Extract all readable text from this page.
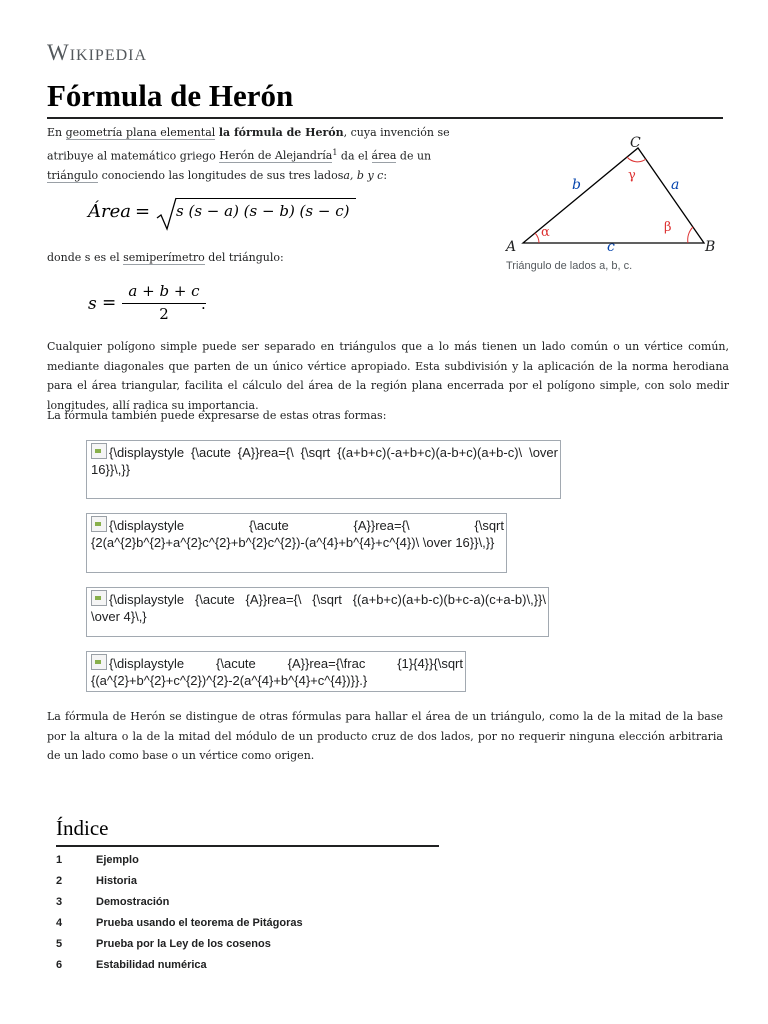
Wikipedia
Fórmula de Herón
En geometría plana elemental la fórmula de Herón, cuya invención se atribuye al matemático griego Herón de Alejandría$^1$ da el área de un triángulo conociendo las longitudes de sus tres ladosa, b y c:
Área = s (s − a) (s − b) (s − c)
donde s es el semiperímetro del triángulo:
s =
a + b + c
2
.
A	B
C
a
b
c
α	β
γ
Triángulo de lados a, b, c.
Cualquier polígono simple puede ser separado en triángulos que a lo más tienen un lado común o un vértice común, mediante diagonales que parten de un único vértice apropiado. Esta subdivisión y la aplicación de la norma herodiana para el área triangular, facilita el cálculo del área de la región plana encerrada por el polígono simple, con solo medir longitudes, allí radica su importancia.
La fórmula también puede expresarse de estas otras formas:
{\displaystyle {\acute {A}}rea={\ {\sqrt {(a+b+c)(-a+b+c)(a-b+c)(a+b-c)\ \over 16}}\,}}
{\displaystyle {\acute {A}}rea={\ {\sqrt {2(a^{2}b^{2}+a^{2}c^{2}+b^{2}c^{2})-(a^{4}+b^{4}+c^{4})\ \over 16}}\,}}
{\displaystyle {\acute {A}}rea={\ {\sqrt {(a+b+c)(a+b-c)(b+c-a)(c+a-b)\,}}\ \over 4}\,}
{\displaystyle {\acute {A}}rea={\frac {1}{4}}{\sqrt {(a^{2}+b^{2}+c^{2})^{2}-2(a^{4}+b^{4}+c^{4})}}.}
La fórmula de Herón se distingue de otras fórmulas para hallar el área de un triángulo, como la de la mitad de la base por la altura o la de la mitad del módulo de un producto cruz de dos lados, por no requerir ninguna elección arbitraria de un lado como base o un vértice como origen.
Índice
1	Ejemplo
2	Historia
3	Demostración
4	Prueba usando el teorema de Pitágoras
5	Prueba por la Ley de los cosenos
6	Estabilidad numérica
